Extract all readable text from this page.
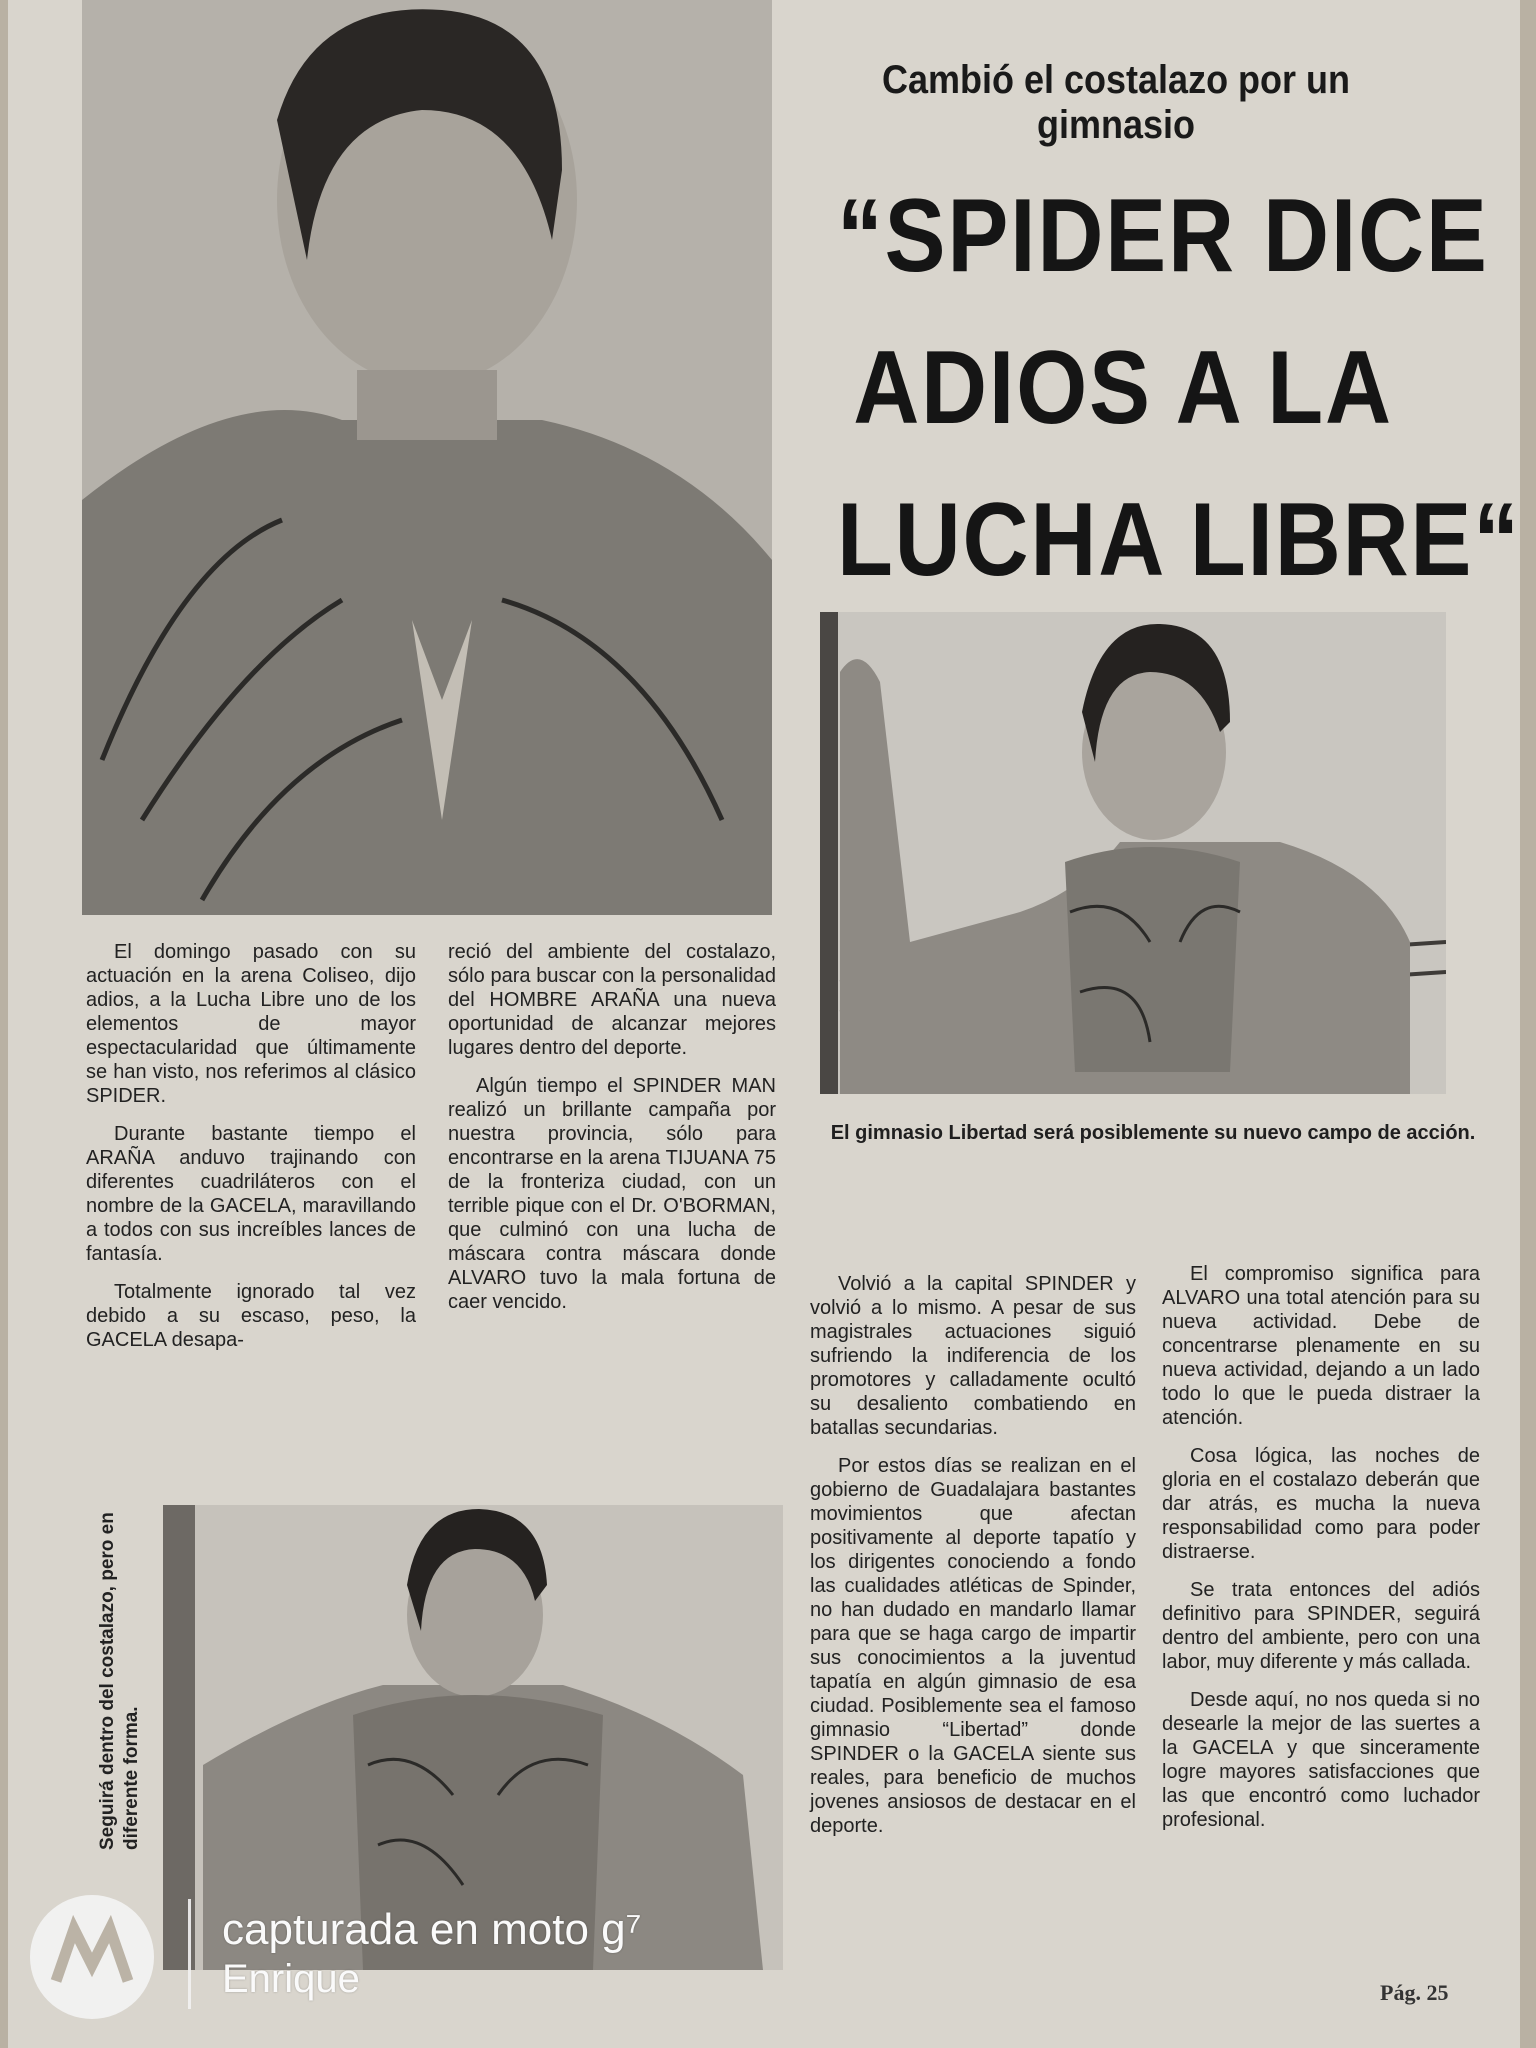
Cambió el costalazo por un gimnasio
“SPIDER DICE
ADIOS A LA
LUCHA LIBRE“
El gimnasio Libertad será posiblemente su nuevo campo de acción.

El domingo pasado con su actuación en la arena Coliseo, dijo adios, a la Lucha Libre uno de los elementos de mayor espectacularidad que últimamente se han visto, nos referimos al clásico SPIDER.

Durante bastante tiempo el ARAÑA anduvo trajinando con diferentes cuadriláteros con el nombre de la GACELA, maravillando a todos con sus increíbles lances de fantasía.

Totalmente ignorado tal vez debido a su escaso, peso, la GACELA desapa-

reció del ambiente del costalazo, sólo para buscar con la personalidad del HOMBRE ARAÑA una nueva oportunidad de alcanzar mejores lugares dentro del deporte.

Algún tiempo el SPINDER MAN realizó un brillante campaña por nuestra provincia, sólo para encontrarse en la arena TIJUANA 75 de la fronteriza ciudad, con un terrible pique con el Dr. O'BORMAN, que culminó con una lucha de máscara contra máscara donde ALVARO tuvo la mala fortuna de caer vencido.

Seguirá dentro del costalazo, pero en diferente forma.

Volvió a la capital SPINDER y volvió a lo mismo. A pesar de sus magistrales actuaciones siguió sufriendo la indiferencia de los promotores y calladamente ocultó su desaliento combatiendo en batallas secundarias.

Por estos días se realizan en el gobierno de Guadalajara bastantes movimientos que afectan positivamente al deporte tapatío y los dirigentes conociendo a fondo las cualidades atléticas de Spinder, no han dudado en mandarlo llamar para que se haga cargo de impartir sus conocimientos a la juventud tapatía en algún gimnasio de esa ciudad. Posiblemente sea el famoso gimnasio “Libertad” donde SPINDER o la GACELA siente sus reales, para beneficio de muchos jovenes ansiosos de destacar en el deporte.

El compromiso significa para ALVARO una total atención para su nueva actividad. Debe de concentrarse plenamente en su nueva actividad, dejando a un lado todo lo que le pueda distraer la atención.

Cosa lógica, las noches de gloria en el costalazo deberán que dar atrás, es mucha la nueva responsabilidad como para poder distraerse.

Se trata entonces del adiós definitivo para SPINDER, seguirá dentro del ambiente, pero con una labor, muy diferente y más callada.

Desde aquí, no nos queda si no desearle la mejor de las suertes a la GACELA y que sinceramente logre mayores satisfacciones que las que encontró como luchador profesional.

Pág. 25
capturada en moto g⁷
Enrique
